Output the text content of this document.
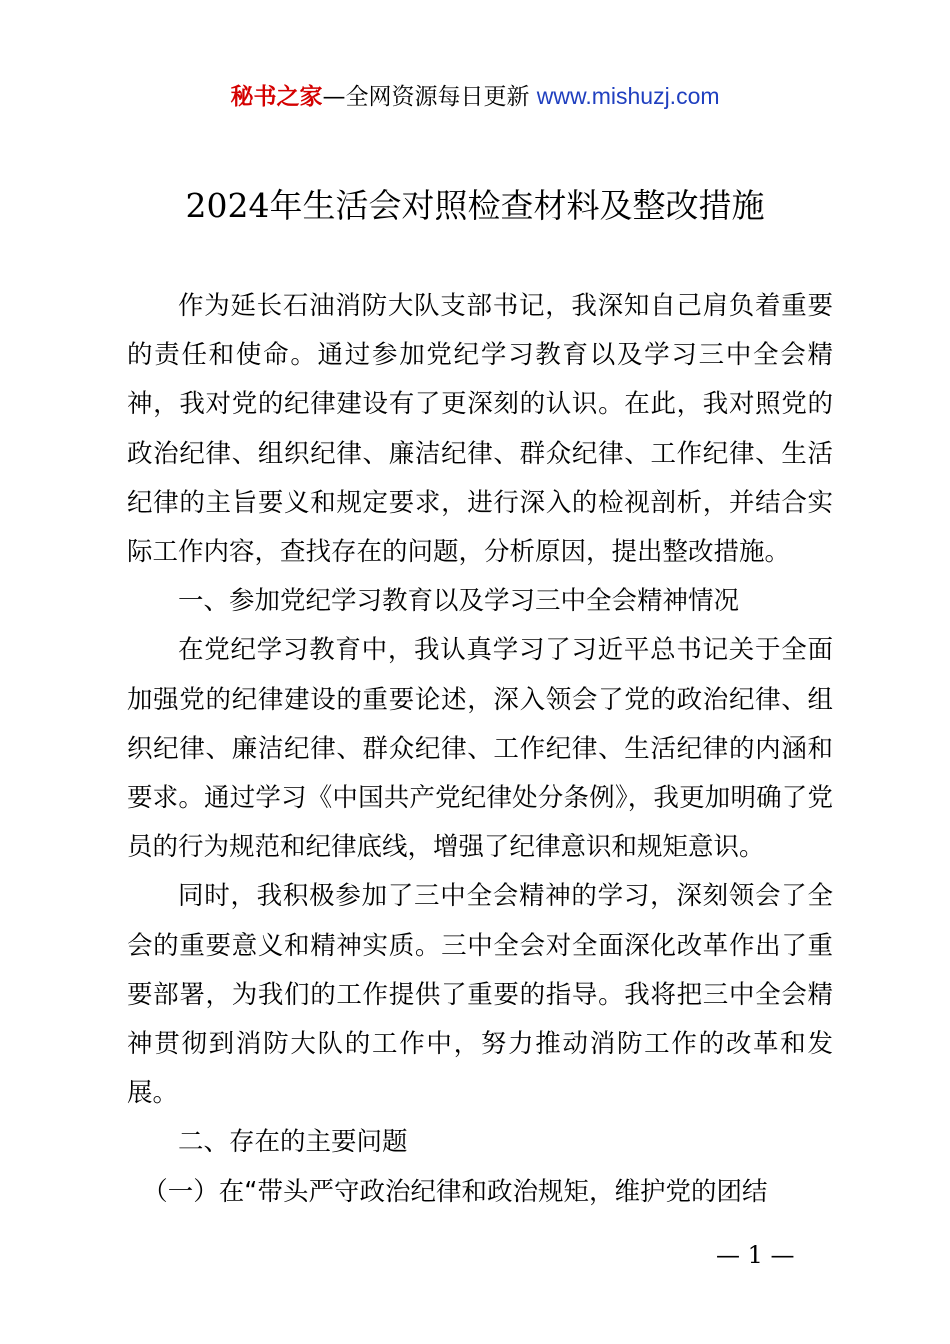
秘书之家—全网资源每日更新 www.mishuzj.com
2024年生活会对照检查材料及整改措施

作为延长石油消防大队支部书记，我深知自己肩负着重要的责任和使命。通过参加党纪学习教育以及学习三中全会精神，我对党的纪律建设有了更深刻的认识。在此，我对照党的政治纪律、组织纪律、廉洁纪律、群众纪律、工作纪律、生活纪律的主旨要义和规定要求，进行深入的检视剖析，并结合实际工作内容，查找存在的问题，分析原因，提出整改措施。

一、参加党纪学习教育以及学习三中全会精神情况

在党纪学习教育中，我认真学习了习近平总书记关于全面加强党的纪律建设的重要论述，深入领会了党的政治纪律、组织纪律、廉洁纪律、群众纪律、工作纪律、生活纪律的内涵和要求。通过学习《中国共产党纪律处分条例》，我更加明确了党员的行为规范和纪律底线，增强了纪律意识和规矩意识。

同时，我积极参加了三中全会精神的学习，深刻领会了全会的重要意义和精神实质。三中全会对全面深化改革作出了重要部署，为我们的工作提供了重要的指导。我将把三中全会精神贯彻到消防大队的工作中，努力推动消防工作的改革和发展。

二、存在的主要问题

（一）在“带头严守政治纪律和政治规矩，维护党的团结

— 1 —
